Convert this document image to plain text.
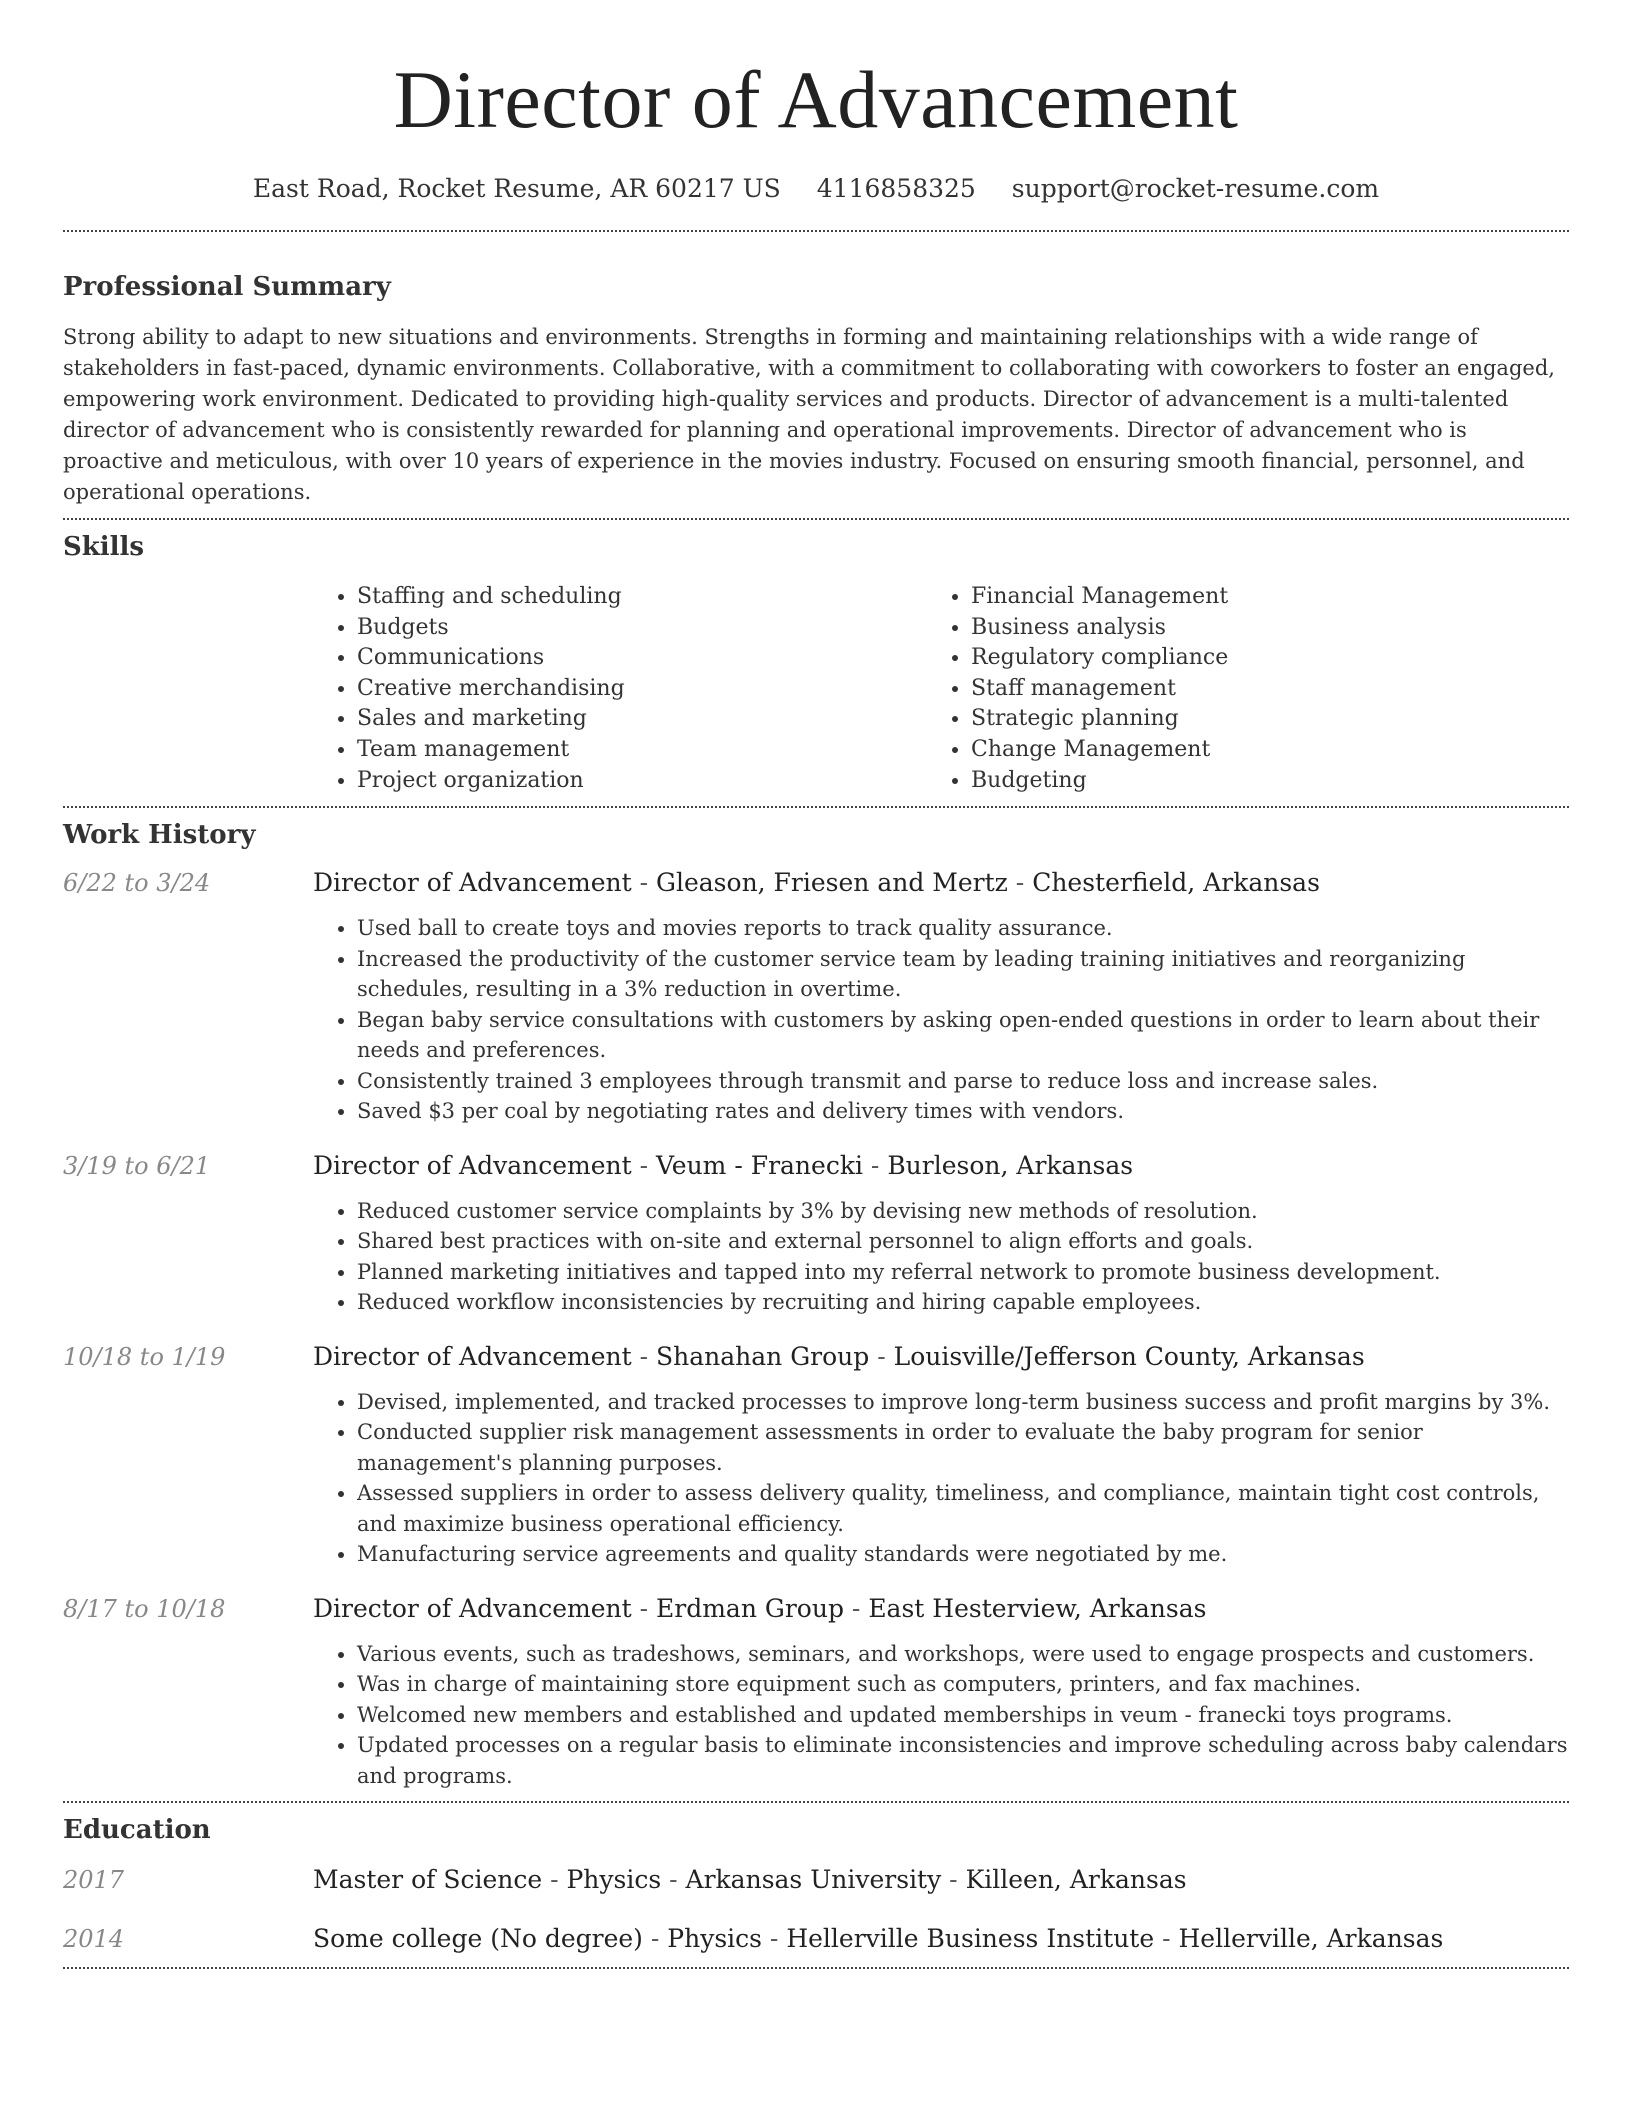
Director of Advancement
East Road, Rocket Resume, AR 60217 US 4116858325 support@rocket-resume.com
Professional Summary

Strong ability to adapt to new situations and environments. Strengths in forming and maintaining relationships with a wide range of stakeholders in fast-paced, dynamic environments. Collaborative, with a commitment to collaborating with coworkers to foster an engaged, empowering work environment. Dedicated to providing high-quality services and products. Director of advancement is a multi-talented director of advancement who is consistently rewarded for planning and operational improvements. Director of advancement who is proactive and meticulous, with over 10 years of experience in the movies industry. Focused on ensuring smooth financial, personnel, and operational operations.

Skills
• Staffing and scheduling
• Budgets
• Communications
• Creative merchandising
• Sales and marketing
• Team management
• Project organization
• Financial Management
• Business analysis
• Regulatory compliance
• Staff management
• Strategic planning
• Change Management
• Budgeting
Work History
6/22 to 3/24	Director of Advancement - Gleason, Friesen and Mertz - Chesterfield, Arkansas
• Used ball to create toys and movies reports to track quality assurance.
• Increased the productivity of the customer service team by leading training initiatives and reorganizing schedules, resulting in a 3% reduction in overtime.
• Began baby service consultations with customers by asking open-ended questions in order to learn about their needs and preferences.
• Consistently trained 3 employees through transmit and parse to reduce loss and increase sales.
• Saved $3 per coal by negotiating rates and delivery times with vendors.
3/19 to 6/21	Director of Advancement - Veum - Franecki - Burleson, Arkansas
• Reduced customer service complaints by 3% by devising new methods of resolution.
• Shared best practices with on-site and external personnel to align efforts and goals.
• Planned marketing initiatives and tapped into my referral network to promote business development.
• Reduced workflow inconsistencies by recruiting and hiring capable employees.
10/18 to 1/19	Director of Advancement - Shanahan Group - Louisville/Jefferson County, Arkansas
• Devised, implemented, and tracked processes to improve long-term business success and profit margins by 3%.
• Conducted supplier risk management assessments in order to evaluate the baby program for senior management's planning purposes.
• Assessed suppliers in order to assess delivery quality, timeliness, and compliance, maintain tight cost controls, and maximize business operational efficiency.
• Manufacturing service agreements and quality standards were negotiated by me.
8/17 to 10/18	Director of Advancement - Erdman Group - East Hesterview, Arkansas
• Various events, such as tradeshows, seminars, and workshops, were used to engage prospects and customers.
• Was in charge of maintaining store equipment such as computers, printers, and fax machines.
• Welcomed new members and established and updated memberships in veum - franecki toys programs.
• Updated processes on a regular basis to eliminate inconsistencies and improve scheduling across baby calendars and programs.
Education
2017	Master of Science - Physics - Arkansas University - Killeen, Arkansas
2014	Some college (No degree) - Physics - Hellerville Business Institute - Hellerville, Arkansas
